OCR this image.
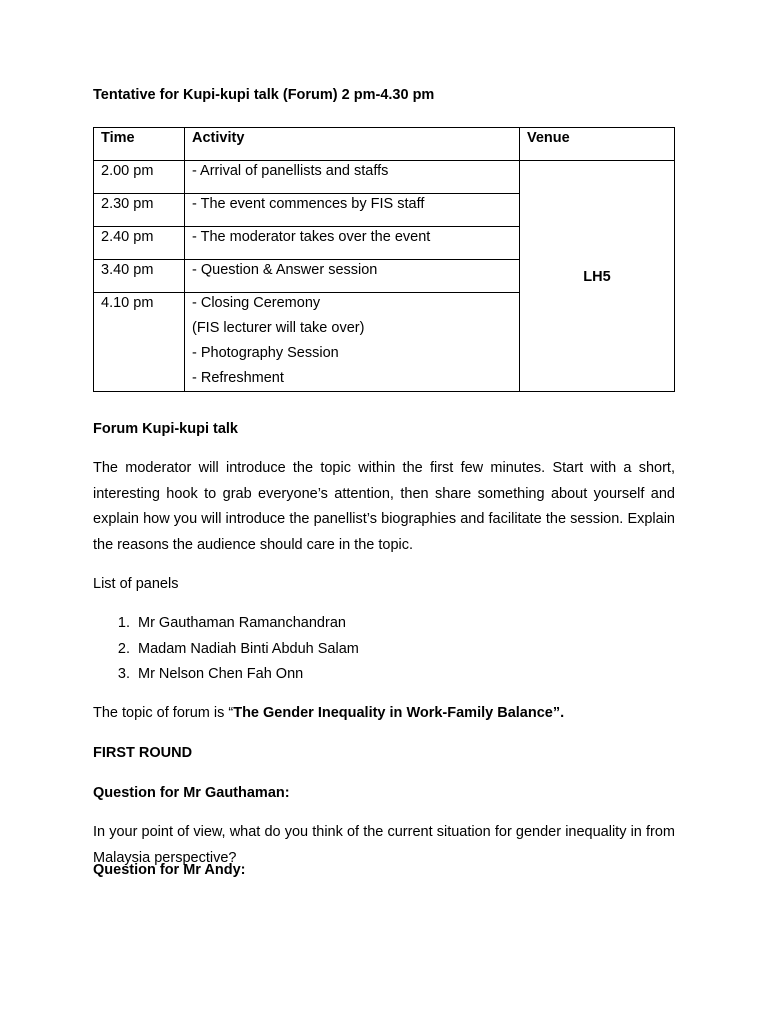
Tentative for Kupi-kupi talk (Forum) 2 pm-4.30 pm
Time	Activity	Venue
2.00 pm	- Arrival of panellists and staffs	LH5
2.30 pm	- The event commences by FIS staff	
2.40 pm	- The moderator takes over the event	
3.40 pm	- Question & Answer session	
4.10 pm	- Closing Ceremony
(FIS lecturer will take over)
- Photography Session
- Refreshment	
Forum Kupi-kupi talk
The moderator will introduce the topic within the first few minutes. Start with a short, interesting hook to grab everyone’s attention, then share something about yourself and explain how you will introduce the panellist’s biographies and facilitate the session. Explain the reasons the audience should care in the topic.
List of panels
1. Mr Gauthaman Ramanchandran
2. Madam Nadiah Binti Abduh Salam
3. Mr Nelson Chen Fah Onn
The topic of forum is “The Gender Inequality in Work-Family Balance”.
FIRST ROUND
Question for Mr Gauthaman:
In your point of view, what do you think of the current situation for gender inequality in from Malaysia perspective?
Question for Mr Andy:
